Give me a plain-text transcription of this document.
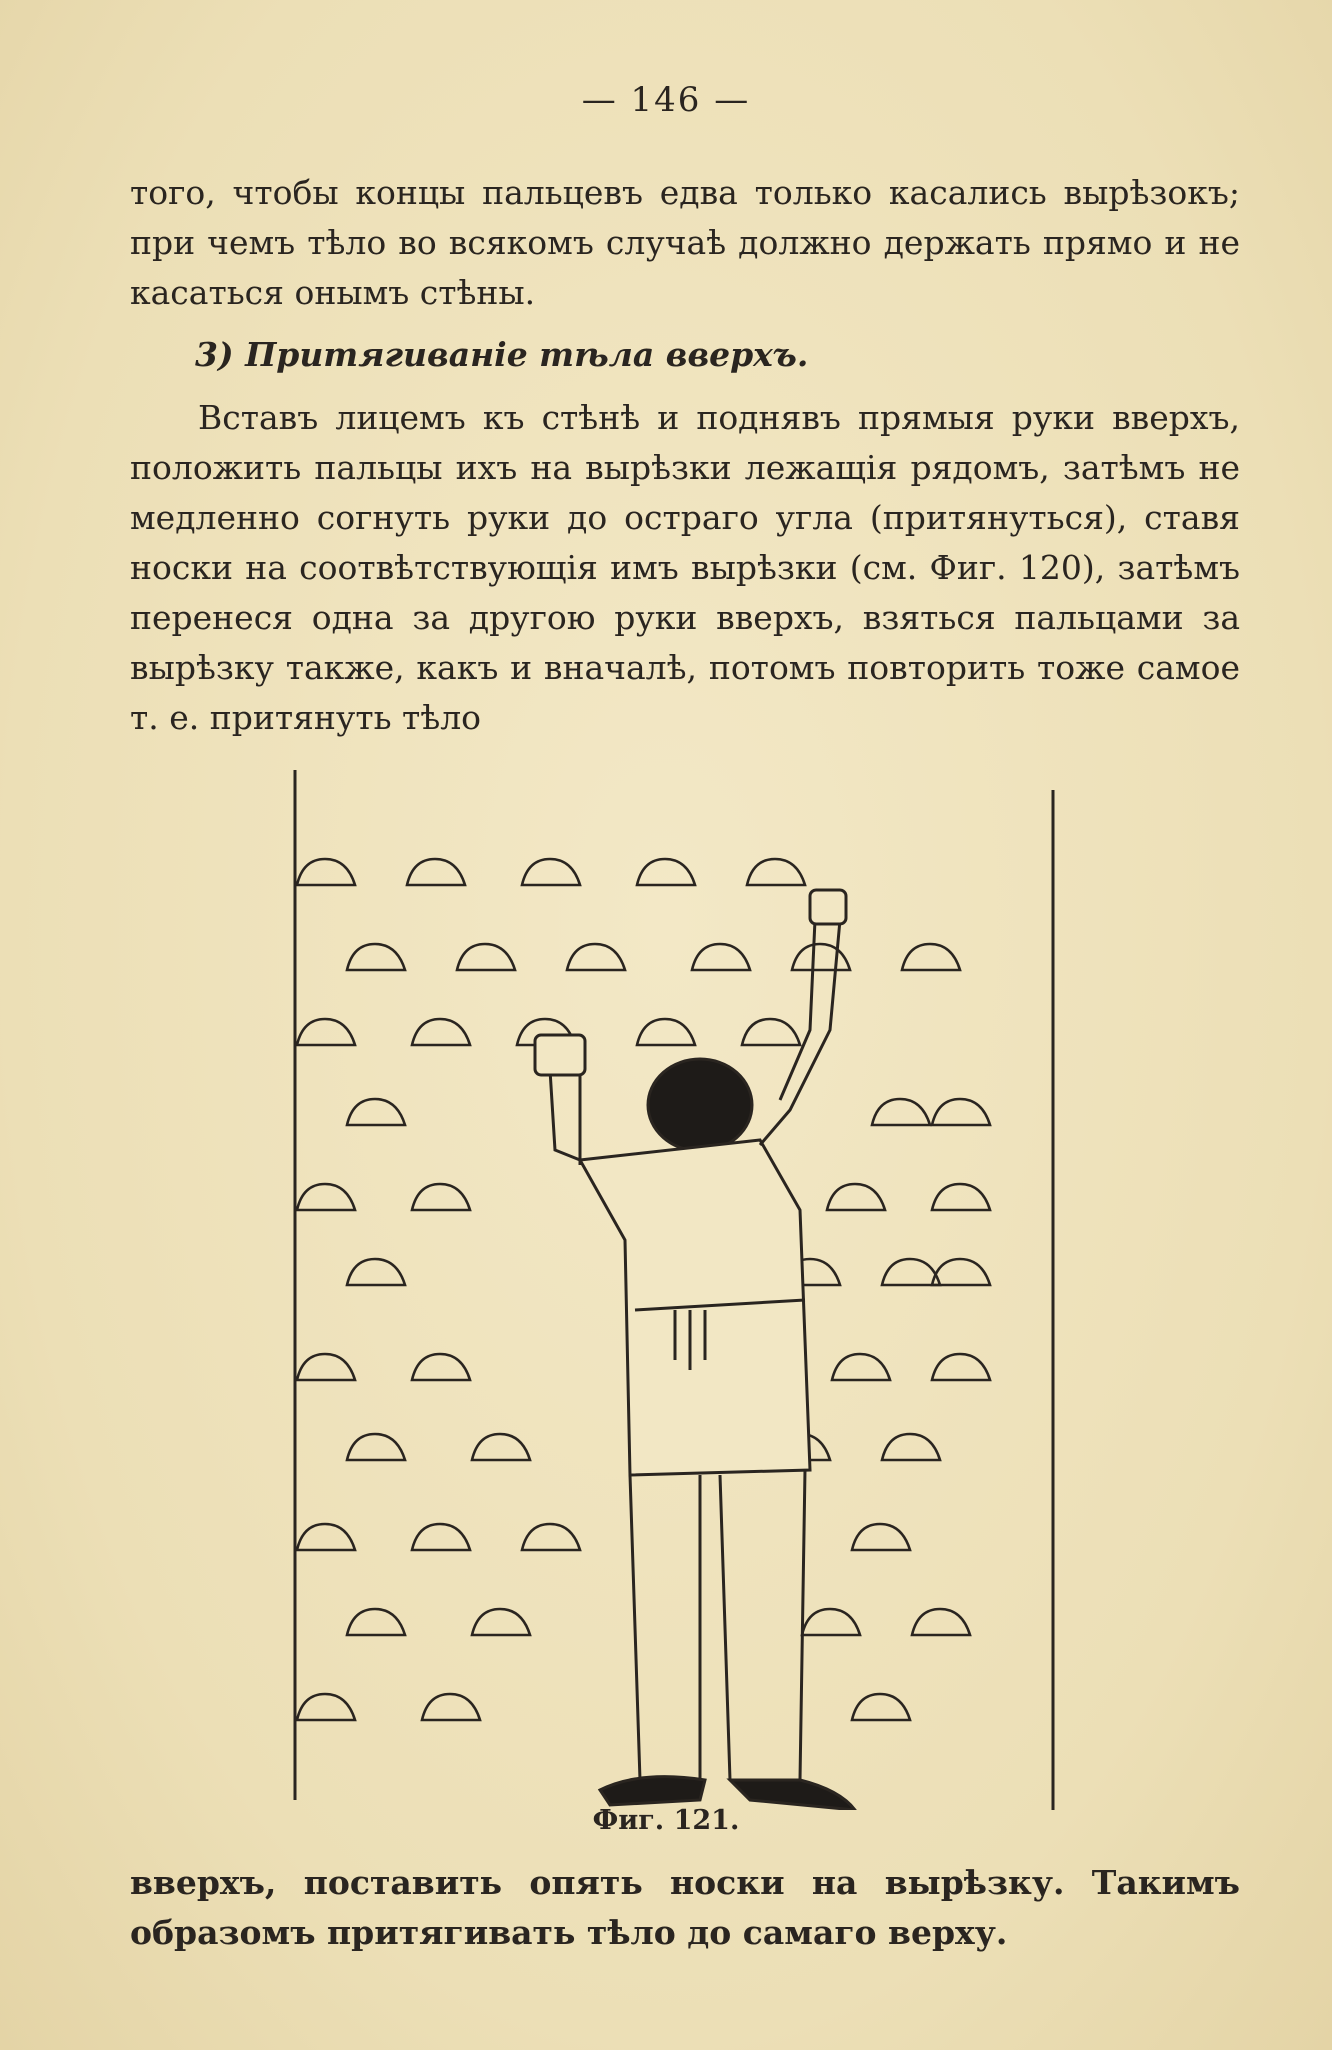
— 146 —
того, чтобы концы пальцевъ едва только касались вырѣзокъ; при чемъ тѣло во всякомъ случаѣ должно держать прямо и не касаться онымъ стѣны.
3) Притягиваніе тѣла вверхъ.
Вставъ лицемъ къ стѣнѣ и поднявъ прямыя руки вверхъ, положить пальцы ихъ на вырѣзки лежащія рядомъ, затѣмъ не медленно согнуть руки до остраго угла (притянуться), ставя носки на соотвѣтствующія имъ вырѣзки (см. Фиг. 120), затѣмъ перенеся одна за другою руки вверхъ, взяться пальцами за вырѣзку также, какъ и вначалѣ, потомъ повторить тоже самое т. е. притянуть тѣло
Фиг. 121.
вверхъ, поставить опять носки на вырѣзку. Такимъ образомъ притягивать тѣло до самаго верху.
